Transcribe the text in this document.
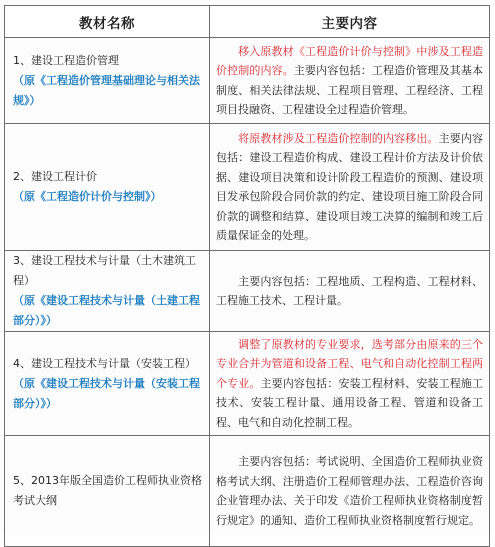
教材名称	主要内容

1、建设工程造价管理
（原《工程造价管理基础理论与相关法规》）	移入原教材《工程造价计价与控制》中涉及工程造价控制的内容。主要内容包括：工程造价管理及其基本制度、相关法律法规、工程项目管理、工程经济、工程项目投融资、工程建设全过程造价管理。

2、建设工程计价
（原《工程造价计价与控制》）	将原教材涉及工程造价控制的内容移出。主要内容包括：建设工程造价构成、建设工程计价方法及计价依据、建设项目决策和设计阶段工程造价的预测、建设项目发承包阶段合同价款的约定、建设项目施工阶段合同价款的调整和结算、建设项目竣工决算的编制和竣工后质量保证金的处理。

3、建设工程技术与计量（土木建筑工程）
（原《建设工程技术与计量（土建工程部分）》）	主要内容包括：工程地质、工程构造、工程材料、工程施工技术、工程计量。

4、建设工程技术与计量（安装工程）
（原《建设工程技术与计量（安装工程部分）》）	调整了原教材的专业要求，选考部分由原来的三个专业合并为管道和设备工程、电气和自动化控制工程两个专业。主要内容包括：安装工程材料、安装工程施工技术、安装工程计量、通用设备工程、管道和设备工程、电气和自动化控制工程。

5、2013年版全国造价工程师执业资格考试大纲	主要内容包括：考试说明、全国造价工程师执业资格考试大纲、注册造价工程师管理办法、工程造价咨询企业管理办法、关于印发《造价工程师执业资格制度暂行规定》的通知、造价工程师执业资格制度暂行规定。
